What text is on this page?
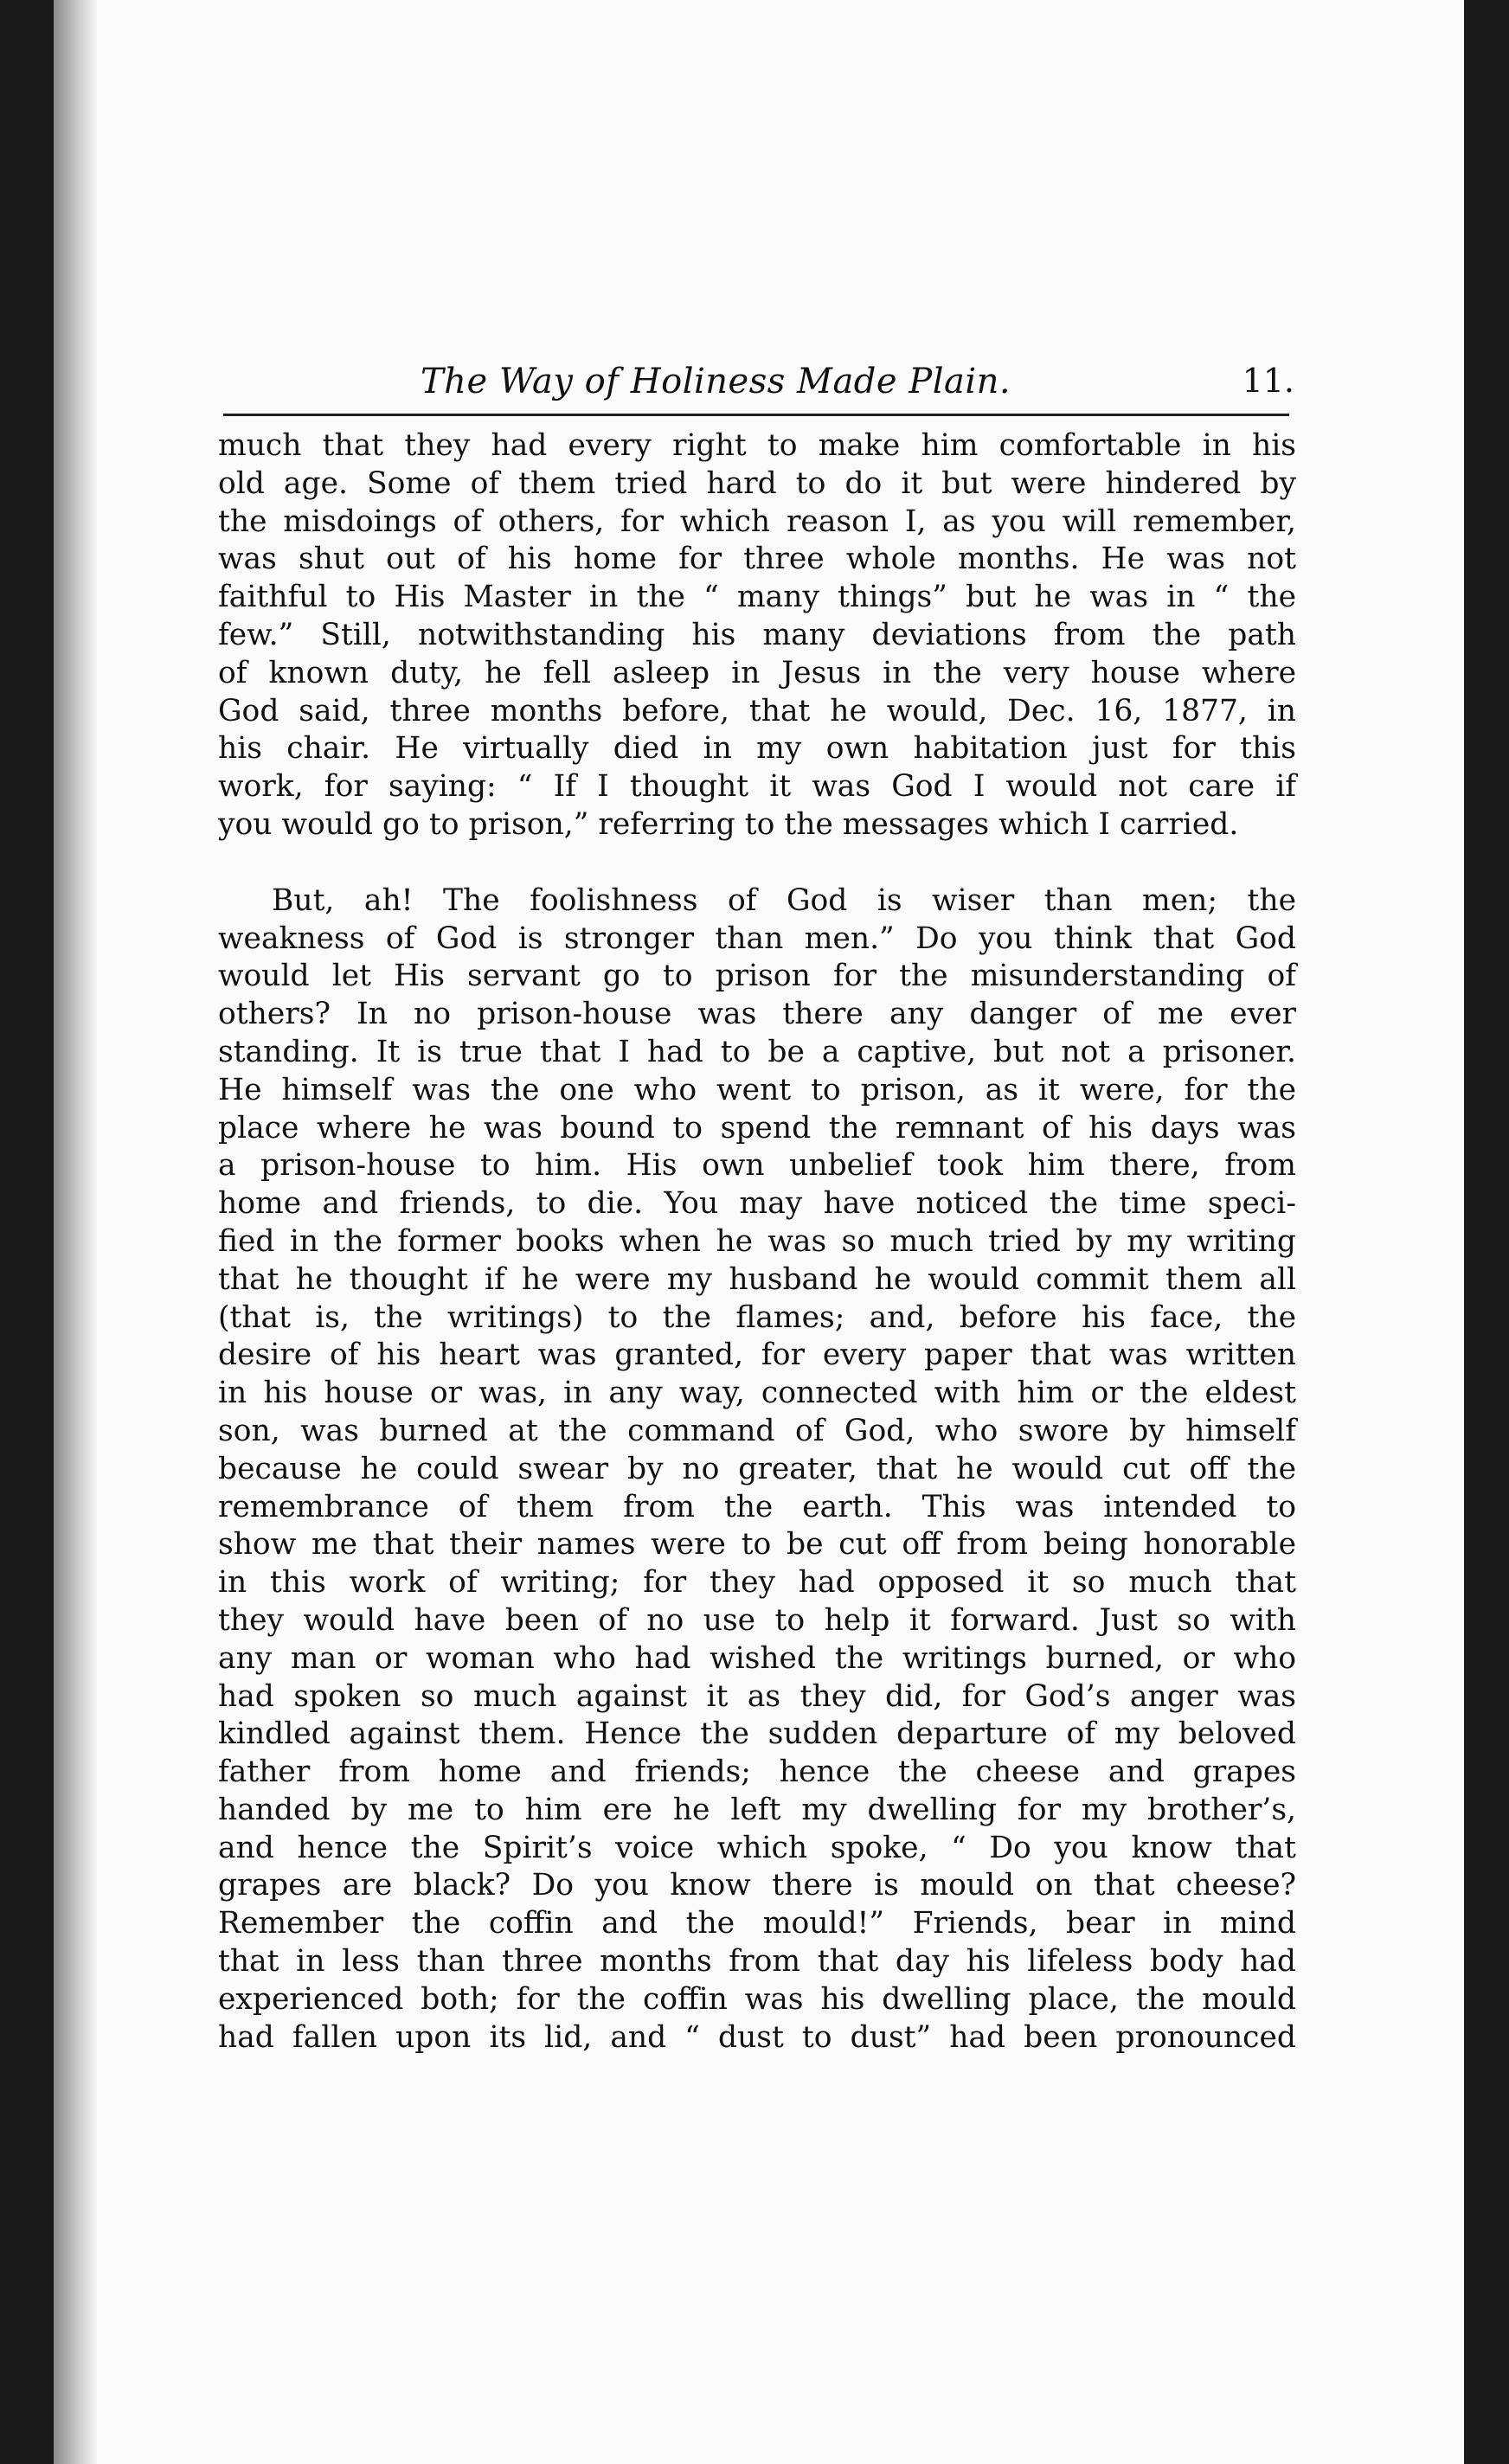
The Way of Holiness Made Plain.	11.
much that they had every right to make him comfortable in his
old age. Some of them tried hard to do it but were hindered by
the misdoings of others, for which reason I, as you will remember,
was shut out of his home for three whole months. He was not
faithful to His Master in the “ many things” but he was in “ the
few.” Still, notwithstanding his many deviations from the path
of known duty, he fell asleep in Jesus in the very house where
God said, three months before, that he would, Dec. 16, 1877, in
his chair. He virtually died in my own habitation just for this
work, for saying: “ If I thought it was God I would not care if
you would go to prison,” referring to the messages which I carried.
But, ah! The foolishness of God is wiser than men; the
weakness of God is stronger than men.” Do you think that God
would let His servant go to prison for the misunderstanding of
others? In no prison-house was there any danger of me ever
standing. It is true that I had to be a captive, but not a prisoner.
He himself was the one who went to prison, as it were, for the
place where he was bound to spend the remnant of his days was
a prison-house to him. His own unbelief took him there, from
home and friends, to die. You may have noticed the time speci-
fied in the former books when he was so much tried by my writing
that he thought if he were my husband he would commit them all
(that is, the writings) to the flames; and, before his face, the
desire of his heart was granted, for every paper that was written
in his house or was, in any way, connected with him or the eldest
son, was burned at the command of God, who swore by himself
because he could swear by no greater, that he would cut off the
remembrance of them from the earth. This was intended to
show me that their names were to be cut off from being honorable
in this work of writing; for they had opposed it so much that
they would have been of no use to help it forward. Just so with
any man or woman who had wished the writings burned, or who
had spoken so much against it as they did, for God’s anger was
kindled against them. Hence the sudden departure of my beloved
father from home and friends; hence the cheese and grapes
handed by me to him ere he left my dwelling for my brother’s,
and hence the Spirit’s voice which spoke, “ Do you know that
grapes are black? Do you know there is mould on that cheese?
Remember the coffin and the mould!” Friends, bear in mind
that in less than three months from that day his lifeless body had
experienced both; for the coffin was his dwelling place, the mould
had fallen upon its lid, and “ dust to dust” had been pronounced
